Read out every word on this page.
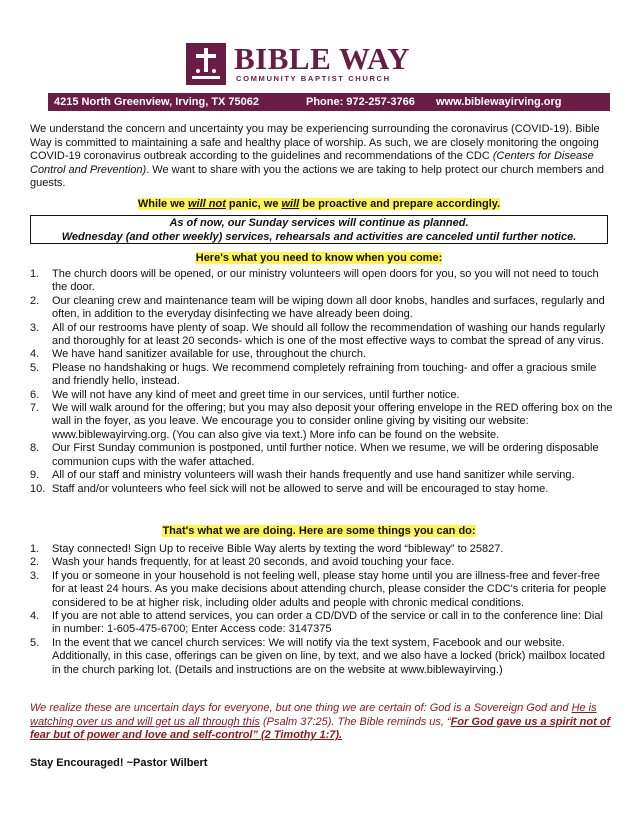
BIBLE WAY
COMMUNITY BAPTIST CHURCH
4215 North Greenview, Irving, TX 75062	Phone: 972-257-3766 www.biblewayirving.org

We understand the concern and uncertainty you may be experiencing surrounding the coronavirus (COVID-19). Bible Way is committed to maintaining a safe and healthy place of worship. As such, we are closely monitoring the ongoing COVID-19 coronavirus outbreak according to the guidelines and recommendations of the CDC (Centers for Disease Control and Prevention). We want to share with you the actions we are taking to help protect our church members and guests.

While we will not panic, we will be proactive and prepare accordingly.
As of now, our Sunday services will continue as planned.
Wednesday (and other weekly) services, rehearsals and activities are canceled until further notice.
Here's what you need to know when you come:
1.	The church doors will be opened, or our ministry volunteers will open doors for you, so you will not need to touch the door.
2.	Our cleaning crew and maintenance team will be wiping down all door knobs, handles and surfaces, regularly and often, in addition to the everyday disinfecting we have already been doing.
3.	All of our restrooms have plenty of soap. We should all follow the recommendation of washing our hands regularly and thoroughly for at least 20 seconds- which is one of the most effective ways to combat the spread of any virus.
4.	We have hand sanitizer available for use, throughout the church.
5.	Please no handshaking or hugs. We recommend completely refraining from touching- and offer a gracious smile and friendly hello, instead.
6.	We will not have any kind of meet and greet time in our services, until further notice.
7.	We will walk around for the offering; but you may also deposit your offering envelope in the RED offering box on the wall in the foyer, as you leave. We encourage you to consider online giving by visiting our website: www.biblewayirving.org. (You can also give via text.) More info can be found on the website.
8.	Our First Sunday communion is postponed, until further notice. When we resume, we will be ordering disposable communion cups with the wafer attached.
9.	All of our staff and ministry volunteers will wash their hands frequently and use hand sanitizer while serving.
10. Staff and/or volunteers who feel sick will not be allowed to serve and will be encouraged to stay home.
That's what we are doing. Here are some things you can do:
1.	Stay connected! Sign Up to receive Bible Way alerts by texting the word “bibleway” to 25827.
2.	Wash your hands frequently, for at least 20 seconds, and avoid touching your face.
3.	If you or someone in your household is not feeling well, please stay home until you are illness-free and fever-free for at least 24 hours. As you make decisions about attending church, please consider the CDC's criteria for people considered to be at higher risk, including older adults and people with chronic medical conditions.
4.	If you are not able to attend services, you can order a CD/DVD of the service or call in to the conference line: Dial in number: 1-605-475-6700; Enter Access code: 3147375
5.	In the event that we cancel church services: We will notify via the text system, Facebook and our website. Additionally, in this case, offerings can be given on line, by text, and we also have a locked (brick) mailbox located in the church parking lot. (Details and instructions are on the website at www.biblewayirving.)

We realize these are uncertain days for everyone, but one thing we are certain of: God is a Sovereign God and He is watching over us and will get us all through this (Psalm 37:25). The Bible reminds us, “For God gave us a spirit not of fear but of power and love and self-control” (2 Timothy 1:7).

Stay Encouraged! ~Pastor Wilbert
